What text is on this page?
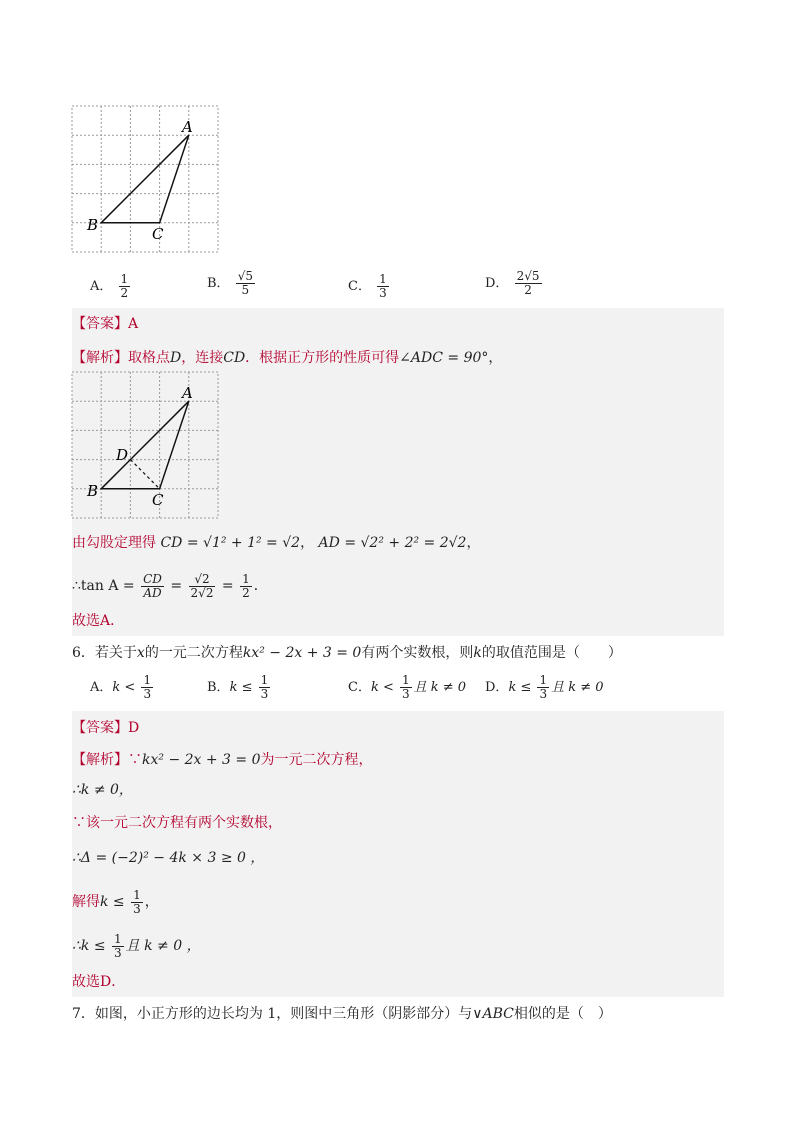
A
B	C
A． $\frac{1}{2}$	B． $\frac{√5}{5}$	C． $\frac{1}{3}$	D． $\frac{2√5}{2}$
【答案】A
【解析】取格点D，连接CD．根据正方形的性质可得∠ADC = 90°，
A
D
B	C
由勾股定理得 CD = √1² + 1² = √2， AD = √2² + 2² = 2√2，
∴tan $A = \frac{CD}{AD} = \frac{√2}{2√2} = \frac{1}{2}$ ．
故选A．
6．若关于x的一元二次方程kx² − 2x + 3 = 0有两个实数根，则k的取值范围是（　　）
A．$k < \frac{1}{3}$	B．$k \le \frac{1}{3}$	C．$k < \frac{1}{3}$ 且 k ≠ 0 D．$k \le \frac{1}{3}$ 且 k ≠ 0
【答案】D
【解析】∵kx² − 2x + 3 = 0为一元二次方程，
∴k ≠ 0，
∵该一元二次方程有两个实数根，
∴Δ = (−2)² − 4k × 3 ≥ 0 ，
解得$k \le \frac{1}{3}$ ，
∴k ≤ $\frac{1}{3}$ 且 k ≠ 0 ，
故选D．
7．如图，小正方形的边长均为 1，则图中三角形（阴影部分）与∨ABC相似的是（　）
